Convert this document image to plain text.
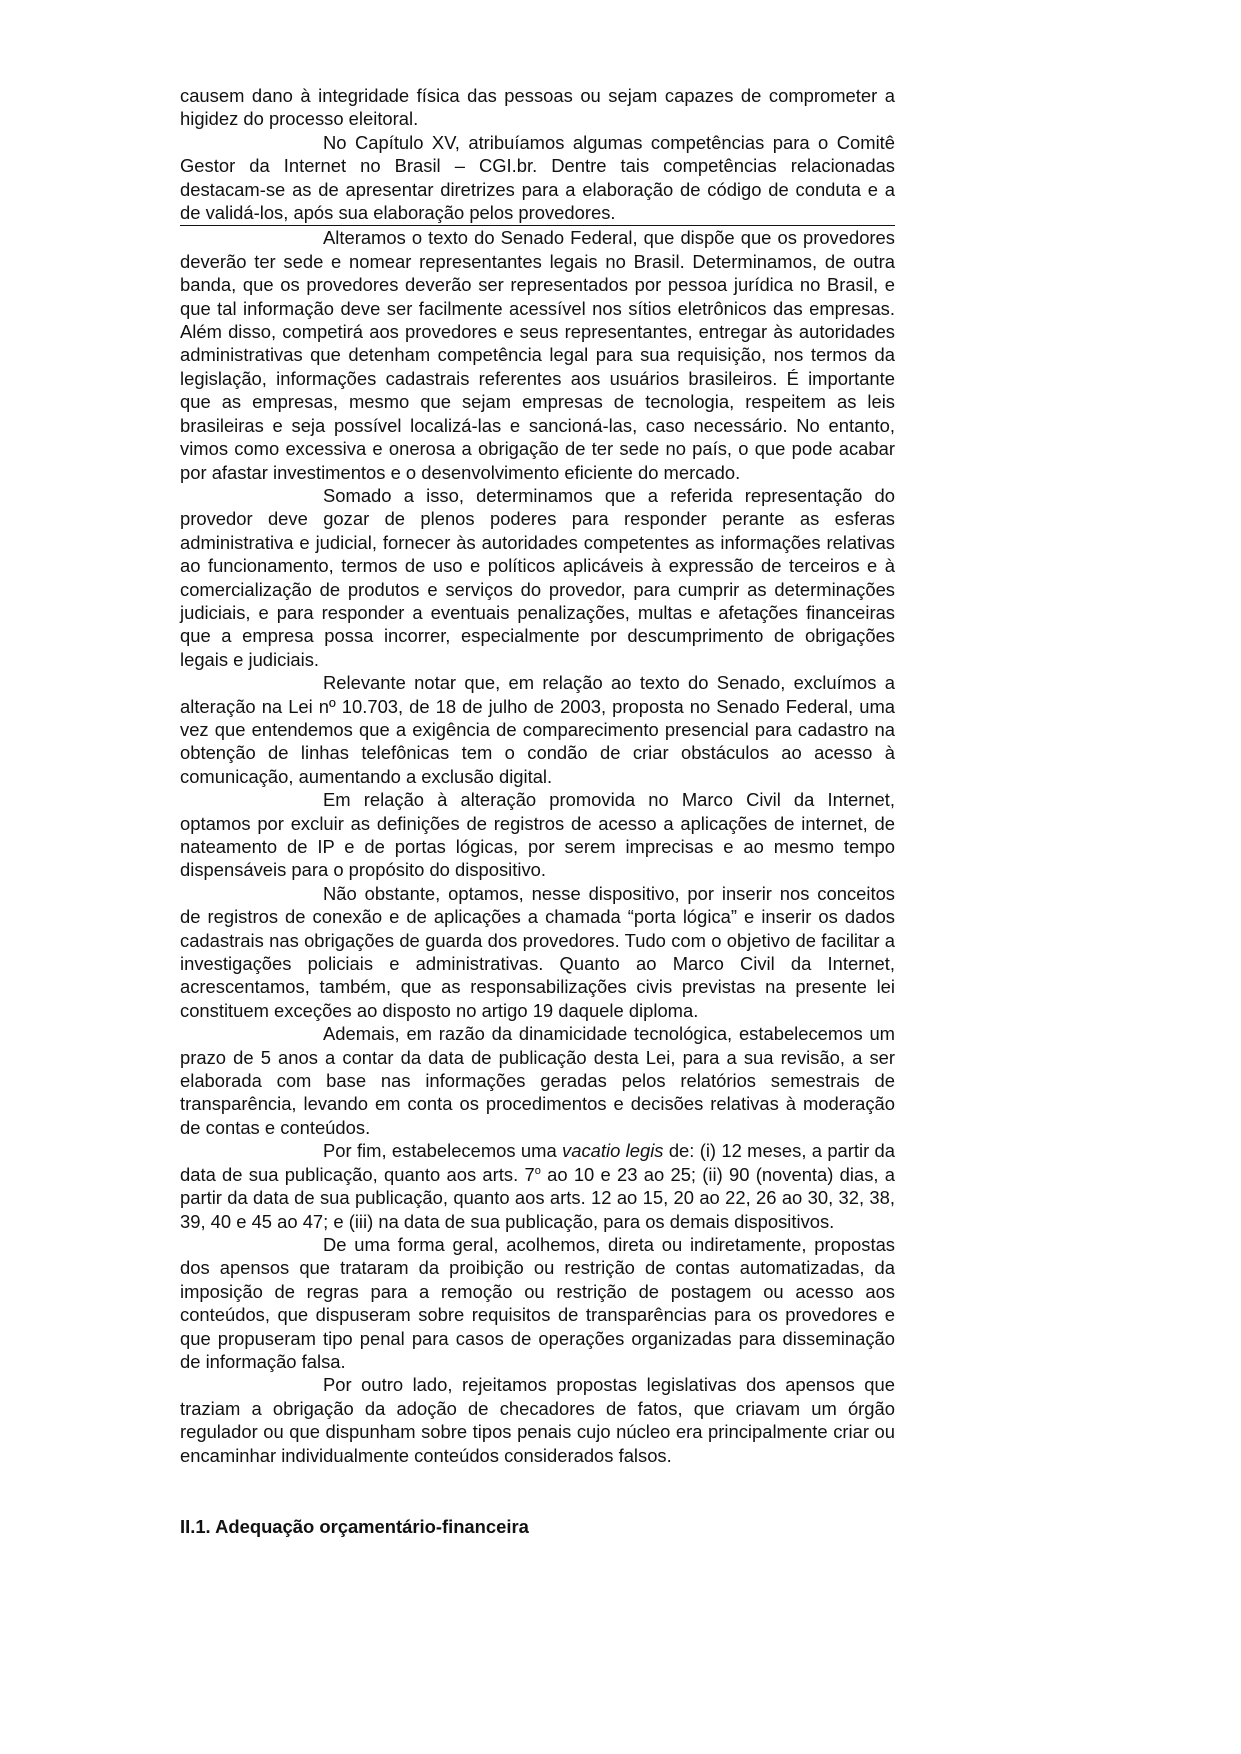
causem dano à integridade física das pessoas ou sejam capazes de comprometer a higidez do processo eleitoral.

No Capítulo XV, atribuíamos algumas competências para o Comitê Gestor da Internet no Brasil – CGI.br. Dentre tais competências relacionadas destacam-se as de apresentar diretrizes para a elaboração de código de conduta e a de validá-los, após sua elaboração pelos provedores.

Alteramos o texto do Senado Federal, que dispõe que os provedores deverão ter sede e nomear representantes legais no Brasil. Determinamos, de outra banda, que os provedores deverão ser representados por pessoa jurídica no Brasil, e que tal informação deve ser facilmente acessível nos sítios eletrônicos das empresas. Além disso, competirá aos provedores e seus representantes, entregar às autoridades administrativas que detenham competência legal para sua requisição, nos termos da legislação, informações cadastrais referentes aos usuários brasileiros. É importante que as empresas, mesmo que sejam empresas de tecnologia, respeitem as leis brasileiras e seja possível localizá-las e sancioná-las, caso necessário. No entanto, vimos como excessiva e onerosa a obrigação de ter sede no país, o que pode acabar por afastar investimentos e o desenvolvimento eficiente do mercado.

Somado a isso, determinamos que a referida representação do provedor deve gozar de plenos poderes para responder perante as esferas administrativa e judicial, fornecer às autoridades competentes as informações relativas ao funcionamento, termos de uso e políticos aplicáveis à expressão de terceiros e à comercialização de produtos e serviços do provedor, para cumprir as determinações judiciais, e para responder a eventuais penalizações, multas e afetações financeiras que a empresa possa incorrer, especialmente por descumprimento de obrigações legais e judiciais.

Relevante notar que, em relação ao texto do Senado, excluímos a alteração na Lei nº 10.703, de 18 de julho de 2003, proposta no Senado Federal, uma vez que entendemos que a exigência de comparecimento presencial para cadastro na obtenção de linhas telefônicas tem o condão de criar obstáculos ao acesso à comunicação, aumentando a exclusão digital.

Em relação à alteração promovida no Marco Civil da Internet, optamos por excluir as definições de registros de acesso a aplicações de internet, de nateamento de IP e de portas lógicas, por serem imprecisas e ao mesmo tempo dispensáveis para o propósito do dispositivo.

Não obstante, optamos, nesse dispositivo, por inserir nos conceitos de registros de conexão e de aplicações a chamada “porta lógica” e inserir os dados cadastrais nas obrigações de guarda dos provedores. Tudo com o objetivo de facilitar a investigações policiais e administrativas. Quanto ao Marco Civil da Internet, acrescentamos, também, que as responsabilizações civis previstas na presente lei constituem exceções ao disposto no artigo 19 daquele diploma.

Ademais, em razão da dinamicidade tecnológica, estabelecemos um prazo de 5 anos a contar da data de publicação desta Lei, para a sua revisão, a ser elaborada com base nas informações geradas pelos relatórios semestrais de transparência, levando em conta os procedimentos e decisões relativas à moderação de contas e conteúdos.

Por fim, estabelecemos uma vacatio legis de: (i) 12 meses, a partir da data de sua publicação, quanto aos arts. 7$^o$ ao 10 e 23 ao 25; (ii) 90 (noventa) dias, a partir da data de sua publicação, quanto aos arts. 12 ao 15, 20 ao 22, 26 ao 30, 32, 38, 39, 40 e 45 ao 47; e (iii) na data de sua publicação, para os demais dispositivos.

De uma forma geral, acolhemos, direta ou indiretamente, propostas dos apensos que trataram da proibição ou restrição de contas automatizadas, da imposição de regras para a remoção ou restrição de postagem ou acesso aos conteúdos, que dispuseram sobre requisitos de transparências para os provedores e que propuseram tipo penal para casos de operações organizadas para disseminação de informação falsa.

Por outro lado, rejeitamos propostas legislativas dos apensos que traziam a obrigação da adoção de checadores de fatos, que criavam um órgão regulador ou que dispunham sobre tipos penais cujo núcleo era principalmente criar ou encaminhar individualmente conteúdos considerados falsos.

II.1. Adequação orçamentário-financeira
